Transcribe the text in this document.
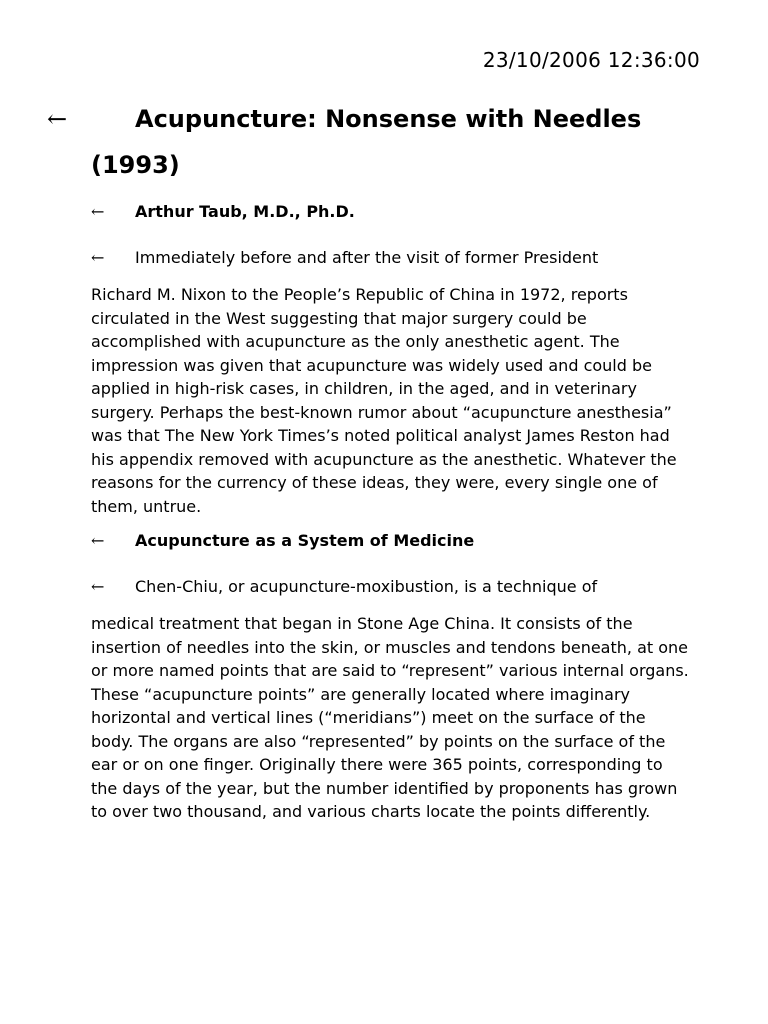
23/10/2006 12:36:00
←	Acupuncture: Nonsense with Needles (1993)

← Arthur Taub, M.D., Ph.D.

← Immediately before and after the visit of former President

Richard M. Nixon to the People’s Republic of China in 1972, reports circulated in the West suggesting that major surgery could be accomplished with acupuncture as the only anesthetic agent. The impression was given that acupuncture was widely used and could be applied in high-risk cases, in children, in the aged, and in veterinary surgery. Perhaps the best-known rumor about “acupuncture anesthesia” was that The New York Times’s noted political analyst James Reston had his appendix removed with acupuncture as the anesthetic. Whatever the reasons for the currency of these ideas, they were, every single one of them, untrue.

← Acupuncture as a System of Medicine

← Chen-Chiu, or acupuncture-moxibustion, is a technique of

medical treatment that began in Stone Age China. It consists of the insertion of needles into the skin, or muscles and tendons beneath, at one or more named points that are said to “represent” various internal organs. These “acupuncture points” are generally located where imaginary horizontal and vertical lines (“meridians”) meet on the surface of the body. The organs are also “represented” by points on the surface of the ear or on one finger. Originally there were 365 points, corresponding to the days of the year, but the number identified by proponents has grown to over two thousand, and various charts locate the points differently.
